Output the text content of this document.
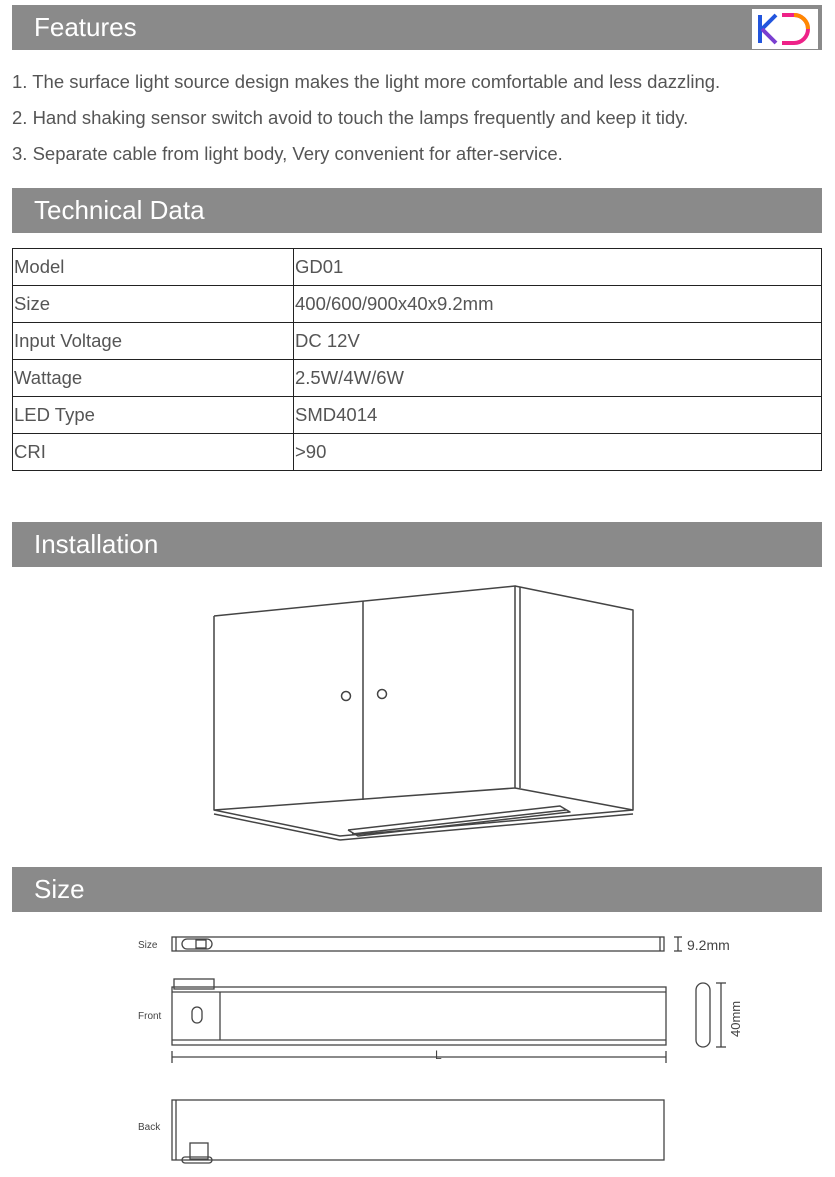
Features
1. The surface light source design makes the light more comfortable and less dazzling.
2. Hand shaking sensor switch avoid to touch the lamps frequently and keep it tidy.
3. Separate cable from light body, Very convenient for after-service.
Technical Data
Model	GD01
Size	400/600/900x40x9.2mm
Input Voltage	DC 12V
Wattage	2.5W/4W/6W
LED Type	SMD4014
CRI	>90
Installation
Size
Size
Front
Back
9.2mm
L
40mm
